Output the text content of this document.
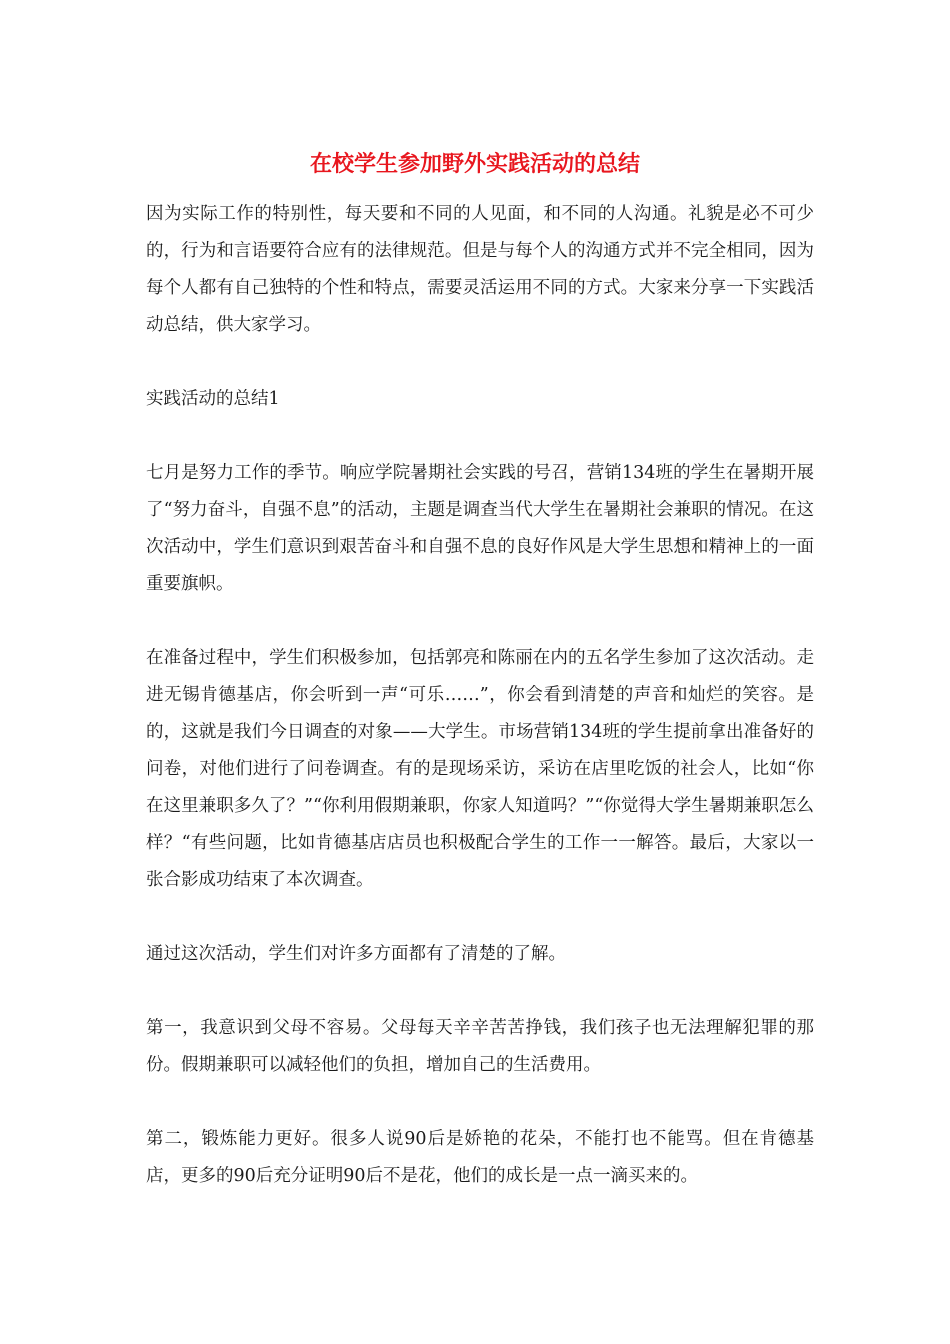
在校学生参加野外实践活动的总结

因为实际工作的特别性，每天要和不同的人见面，和不同的人沟通。礼貌是必不可少的，行为和言语要符合应有的法律规范。但是与每个人的沟通方式并不完全相同，因为每个人都有自己独特的个性和特点，需要灵活运用不同的方式。大家来分享一下实践活动总结，供大家学习。

实践活动的总结1

七月是努力工作的季节。响应学院暑期社会实践的号召，营销134班的学生在暑期开展了“努力奋斗，自强不息”的活动，主题是调查当代大学生在暑期社会兼职的情况。在这次活动中，学生们意识到艰苦奋斗和自强不息的良好作风是大学生思想和精神上的一面重要旗帜。

在准备过程中，学生们积极参加，包括郭亮和陈丽在内的五名学生参加了这次活动。走进无锡肯德基店，你会听到一声“可乐……”，你会看到清楚的声音和灿烂的笑容。是的，这就是我们今日调查的对象——大学生。市场营销134班的学生提前拿出准备好的问卷，对他们进行了问卷调查。有的是现场采访，采访在店里吃饭的社会人，比如“你在这里兼职多久了？”“你利用假期兼职，你家人知道吗？”“你觉得大学生暑期兼职怎么样？“有些问题，比如肯德基店店员也积极配合学生的工作一一解答。最后，大家以一张合影成功结束了本次调查。

通过这次活动，学生们对许多方面都有了清楚的了解。

第一，我意识到父母不容易。父母每天辛辛苦苦挣钱，我们孩子也无法理解犯罪的那份。假期兼职可以减轻他们的负担，增加自己的生活费用。

第二，锻炼能力更好。很多人说90后是娇艳的花朵，不能打也不能骂。但在肯德基店，更多的90后充分证明90后不是花，他们的成长是一点一滴买来的。
